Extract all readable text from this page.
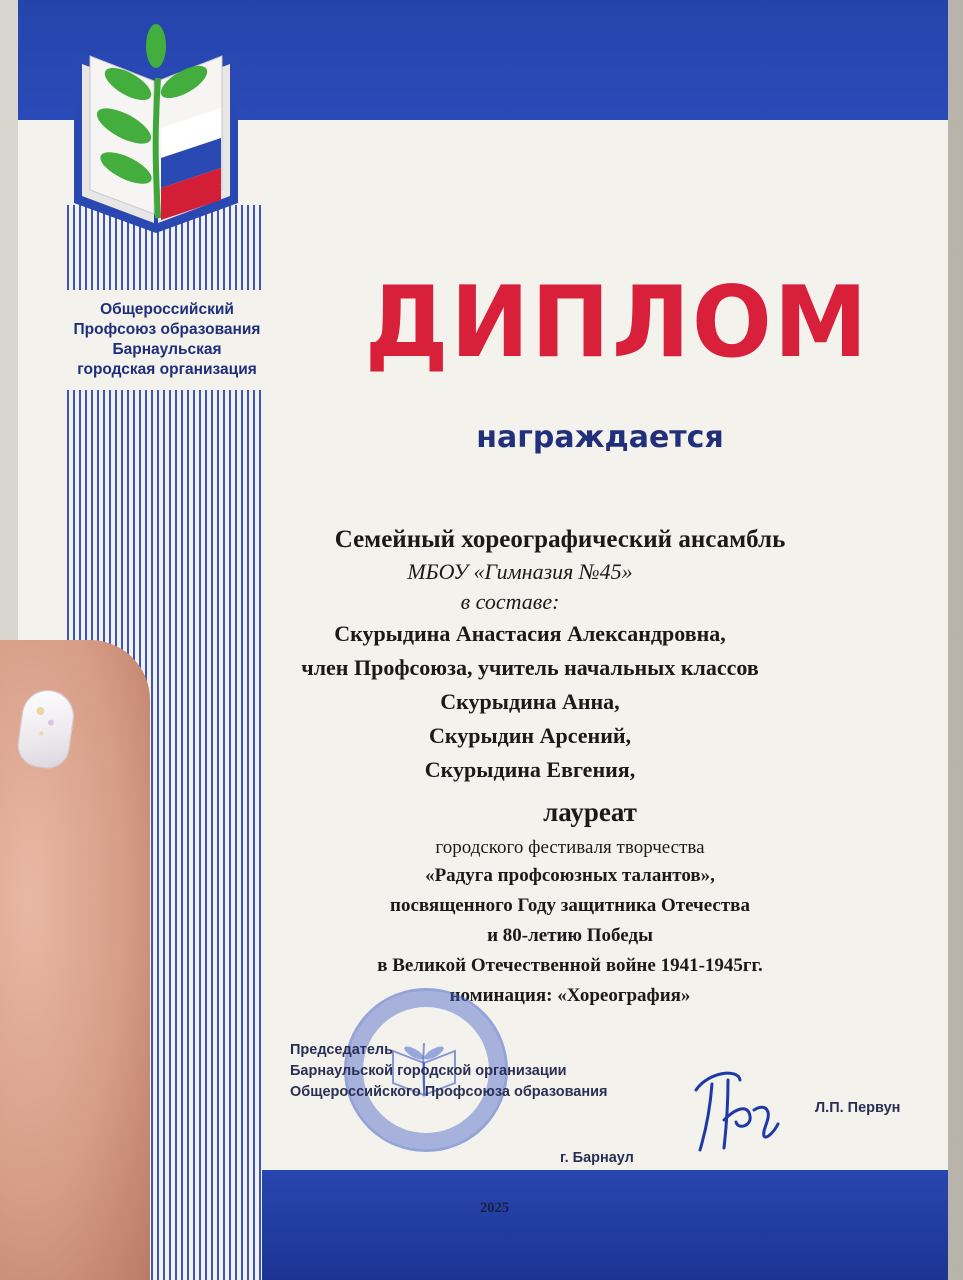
Общероссийский
Профсоюз образования
Барнаульская
городская организация ДИПЛОМ
награждается
Семейный хореографический ансамбль
МБОУ «Гимназия №45»
в составе:
Скурыдина Анастасия Александровна,
член Профсоюза, учитель начальных классов
Скурыдина Анна,
Скурыдин Арсений,
Скурыдина Евгения,
лауреат
городского фестиваля творчества
«Радуга профсоюзных талантов»,
посвященного Году защитника Отечества
и 80-летию Победы
в Великой Отечественной войне 1941-1945гг.
номинация: «Хореография»
Председатель
Барнаульской городской организации
Общероссийского Профсоюза образования
Л.П. Первун
г. Барнаул
2025
